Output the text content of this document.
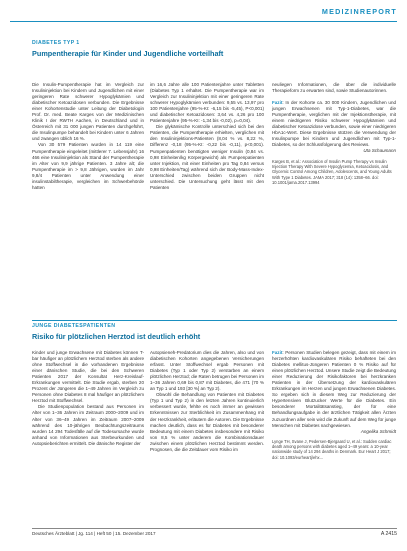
MEDIZINREPORT
DIABETES TYP 1
Pumpentherapie für Kinder und Jugendliche vorteilhaft

Die Insulin-Pumpentherapie hat im Vergleich zur Insulininjektion bei Kindern und Jugendlichen mit einer geringeren Rate schwerer Hypoglykämien und diabetischer Ketoazidosen verbunden. Die Ergebnisse einer Kohortenstudie unter Leitung der Diabetologin Prof. Dr. med. Beate Karges von der Medizinischen Klinik I der RWTH Aachen, in Deutschland und in Österreich mit 31 000 jungen Patienten durchgeführt, die Insulinpumpe behandelt bei Kindern unter 6 Jahren und zwangen üblich 16 %.

Von 30 579 Patienten wurden in 14 119 eine Pumpentherapie eingeleitet (mittlerer 7. Lebensjahr) 16 466 eine Insulininjektion als Stand der Pumpentherapie im Alter von 9,9 jährige Patienten. 3 Jahre alt; die Pumpentherapie im > 9,8 Jährigen, wurden im Jahr 9,8/4 Patienten unter Anwendung einer insulinstabiltherapie, vergleichen im Schwerbehörde hatten

im 16,6 Jahre alle 100 Patientenjahre unter Tabletten (Diabetes Typ 1 erhaltet. Die Pumpentherapie war im Vergleich zur Insulininjektion mit einer geringeren Rate schwerer Hypoglykämien verbunden: 9,55 vs. 13,97 pro 100 Patientenjahre (95-%-KI: -6,15 bis -5,45), P<0,001) und diabetischer Ketoazidosen: 3,64 vs. 4,26 pro 100 Patientenjahre (95-%-KI: -1,34 bis -0,02), p=0,04).

Die glykämische Kontrolle unterschied sich bei den Patienten, die Pumpentherapie erhielten, verglichen mit den Insulininjektions-Patienten (8,04 % vs. 8,22 %, Differenz -0,18 (95-%-KI: -0,22 bis -0,11), p<0,001). Pumpenpatienten benötigten weniger Insulin (0,84 vs. 0,98 Einheiten/kg Körpergewicht) als Pumpenpatienten unter Injektion, mit einer Einheiten pro Tag 0,84 versus 0,98 Einheiten/Tag) während sich der Body-Mass-Index-Unterschied zwischen beiden Gruppen nicht unterschied. Die Untersuchung geht lässt mit den Patienten

neuliegen Informationen, die über die individuelle Therapieform zu erwarten sind, sowie Studienautorinnen.

Fazit: In der Kohorte ca. 30 000 Kindern, Jugendlichen und jungen Erwachsenen mit Typ-1-Diabetes, war die Pumpentherapie, verglichen mit der Injektionstherapie, mit einem niedrigeren Risiko schwerer Hypoglykämien und diabetischer Ketoazidose verbunden, sowie einer niedrigeren HbA1c-Wert. Diese Ergebnisse stützen die Verwendung der Insulinpumpe bei Kindern und Jugendlichen mit Typ-1-Diabetes, so der Schlussfolgerung des Reviews.

Uta Schaumann
Karges B, et al.: Association of Insulin Pump Therapy vs Insulin Injection Therapy With Severe Hypoglycemia, Ketoacidosis, and Glycemic Control Among Children, Adolescents, and Young Adults With Type 1 Diabetes. JAMA 2017; 318 (14): 1358–66. doi: 10.1001/jama.2017.13994
JUNGE DIABETESPATIENTEN
Risiko für plötzlichen Herztod ist deutlich erhöht

Kinder und junge Erwachsene mit Diabetes können T-bar häufiger an plötzlichem Herztod sterben als andere ohne Stoffwechsel in die vorhandenen Ergebnisse einer dänischen Studie, die bei den Schweren Patienten 2017 der Konsultat Herz-Kreislauf-Erkrankungen vermittelt. Die Studie ergab, sterben 20 Prozent der Jüngeren die 1–49 Jahren im Vergleich zu Personen ohne Diabetes 8 mal häufiger an plötzlichem Herztod mit Stoffwechsel.

Die Studienpopulation bestand aus Personen im Alter von 1–36 Jahren im Zeitraum 2000–2009 und im Alter von 36–49 Jahren im Zeitraum 2007–2009 während des 10-jährigen Beobachtungszeitraums wurden 14 294 Todesfälle auf die Todesursache wurde anhand von Informationen aus Sterbeurkunden und Autopsieberichten ermittelt. Die dänische Register der

Autopsieneh-Predatorium dies die Jahren, also und von diabetischen Kohorten angegebenen Versicherungen erfasst. Unter Stoffwechsel ergab Personen mit Diabetes (Typ 1 oder Typ 2) verstarben an einem plötzlichen Herztod; die Raten betrugen bei Personen im 1–36 Jahren 0,69 bis 0,87 mit Diabetes, die 471 (70 % an Typ 1 und 193 [30 %] an Typ 2).

Obwohl die Behandlung von Patienten mit Diabetes (Typ 1 und Typ 2) in den letzten Jahren kontinuierlich verbessert wurde, fehlte es noch immer an gewissen Erkenntnissen zur Sterblichkeit im Zusammenhang mit der Herzkrankheit, erläutern die Autoren. Die Ergebnisse machen deutlich, dass es für Diabetes mit besonderer Bedeutung mit einem Diabetes insbesondere mit Risiko von 8,5 % unter anderem die Kombinationsdauer zwischen einem plötzlichen Herztod bestimmt werden. Prognosen, die die Zeitdauer vom Risiko im

Fazit: Personen Studien belegen gezeigt, dass mit einem im herzerhöhten kardiovaskulären Risiko behafteten bei den Diabetes mellitus-Jüngeren Patienten 0 % Risiko auf für einen plötzlichen Herztod. Unsere Studie zeigt die Bedeutung einer Reduzierung der Risikofaktoren bei herzkranken Patienten in der Übersetzung der kardiovaskulären Erkrankungen im Herzen und jungen Erwachsenen Diabetes. So ergeben sich in diesem Weg zur Reduzierung der Hypertensiven Blutzucker Werte für die Diabetes. Ein besonderer Mortalitätsanstieg, der für eine Behandlungsaufgabe in der ärztlichen Tätigkeit allen Ärzten zuzuordnen aller sein wird die Zukunft auf dem Weg für junge Menschen mit Diabetes nachgewiesen.

Angelika Schmidt
Lynge TH, Svane J, Pedersen-Bjergaard U, et al.: Sudden cardiac death among persons with diabetes aged 1–49 years: a 10-year nationwide study of 14 294 deaths in Denmark. Eur Heart J 2017; doi: 10.1093/eurheartj/ehx...
Deutsches Ärzteblatt | Jg. 114 | Heft 50 | 15. Dezember 2017	A 2415
